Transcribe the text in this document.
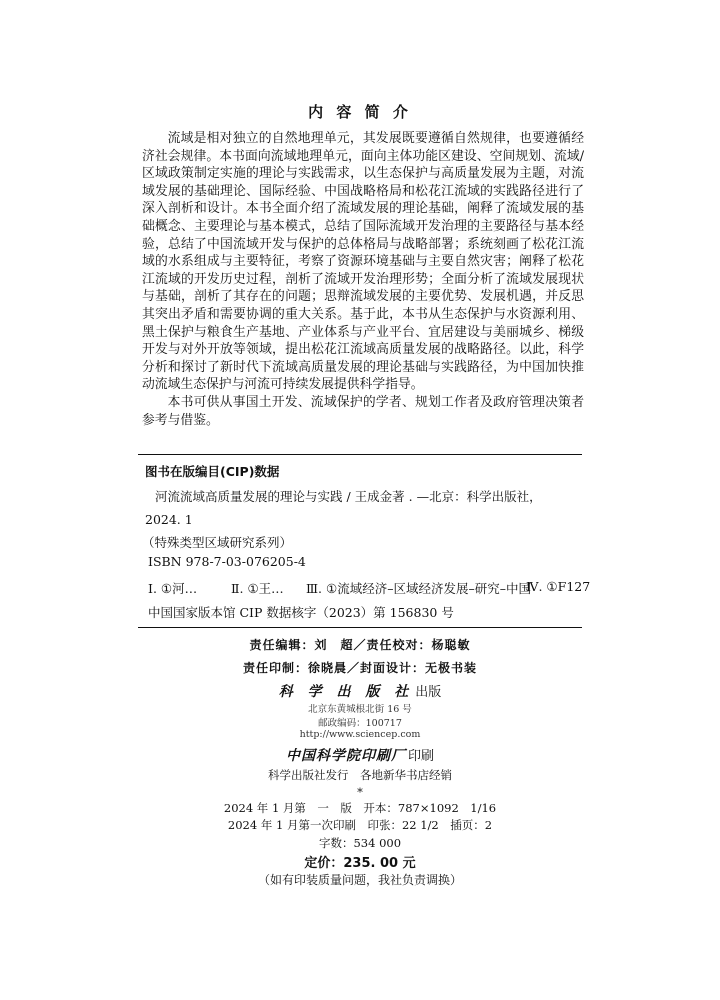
内 容 简 介

流域是相对独立的自然地理单元，其发展既要遵循自然规律，也要遵循经济社会规律。本书面向流域地理单元，面向主体功能区建设、空间规划、流域/区域政策制定实施的理论与实践需求，以生态保护与高质量发展为主题，对流域发展的基础理论、国际经验、中国战略格局和松花江流域的实践路径进行了深入剖析和设计。本书全面介绍了流域发展的理论基础，阐释了流域发展的基础概念、主要理论与基本模式，总结了国际流域开发治理的主要路径与基本经验，总结了中国流域开发与保护的总体格局与战略部署；系统刻画了松花江流域的水系组成与主要特征，考察了资源环境基础与主要自然灾害；阐释了松花江流域的开发历史过程，剖析了流域开发治理形势；全面分析了流域发展现状与基础，剖析了其存在的问题；思辩流域发展的主要优势、发展机遇，并反思其突出矛盾和需要协调的重大关系。基于此，本书从生态保护与水资源利用、黑土保护与粮食生产基地、产业体系与产业平台、宜居建设与美丽城乡、梯级开发与对外开放等领域，提出松花江流域高质量发展的战略路径。以此，科学分析和探讨了新时代下流域高质量发展的理论基础与实践路径，为中国加快推动流域生态保护与河流可持续发展提供科学指导。

本书可供从事国土开发、流域保护的学者、规划工作者及政府管理决策者参考与借鉴。

图书在版编目(CIP)数据
河流流域高质量发展的理论与实践 / 王成金著 . —北京：科学出版社，
2024. 1
（特殊类型区域研究系列）
ISBN 978-7-03-076205-4
Ⅰ. ①河…	Ⅱ. ①王… Ⅲ. ①流域经济–区域经济发展–研究–中国
Ⅳ. ①F127
中国国家版本馆 CIP 数据核字（2023）第 156830 号
责任编辑：刘　超／责任校对：杨聪敏
责任印制：徐晓晨／封面设计：无极书装
科 学 出 版 社 出版
北京东黄城根北街 16 号
邮政编码：100717
http://www.sciencep.com
中国科学院印刷厂 印刷
科学出版社发行　各地新华书店经销
*
2024 年 1 月第　一　版　开本：787×1092　1/16
2024 年 1 月第一次印刷　印张：22 1/2　插页：2
字数：534 000
定价：235. 00 元
（如有印装质量问题，我社负责调换）
